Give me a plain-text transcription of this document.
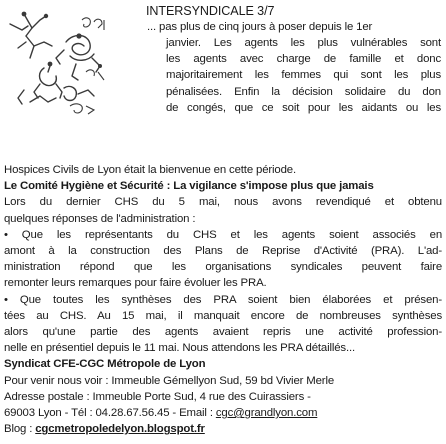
INTERSYNDICALE 3/7
... pas plus de cinq jours à poser depuis le 1er
janvier. Les agents les plus vulnérables sont
les agents avec charge de famille et donc
majoritairement les femmes qui sont les plus
pénalisées. Enfin la décision solidaire du don
de congés, que ce soit pour les aidants ou les
Hospices Civils de Lyon était la bienvenue en cette période.
Le Comité Hygiène et Sécurité : La vigilance s'impose plus que jamais
Lors du dernier CHS du 5 mai, nous avons revendiqué et obtenu
quelques réponses de l'administration :
• Que les représentants du CHS et les agents soient associés en
amont à la construction des Plans de Reprise d'Activité (PRA). L'ad-
ministration répond que les organisations syndicales peuvent faire
remonter leurs remarques pour faire évoluer les PRA.
• Que toutes les synthèses des PRA soient bien élaborées et présen-
tées au CHS. Au 15 mai, il manquait encore de nombreuses synthèses
alors qu'une partie des agents avaient repris une activité profession-
nelle en présentiel depuis le 11 mai. Nous attendons les PRA détaillés...
Syndicat CFE-CGC Métropole de Lyon
Pour venir nous voir : Immeuble Gémellyon Sud, 59 bd Vivier Merle
Adresse postale : Immeuble Porte Sud, 4 rue des Cuirassiers -
69003 Lyon - Tél : 04.28.67.56.45 - Email : cgc@grandlyon.com
Blog : cgcmetropoledelyon.blogspot.fr
